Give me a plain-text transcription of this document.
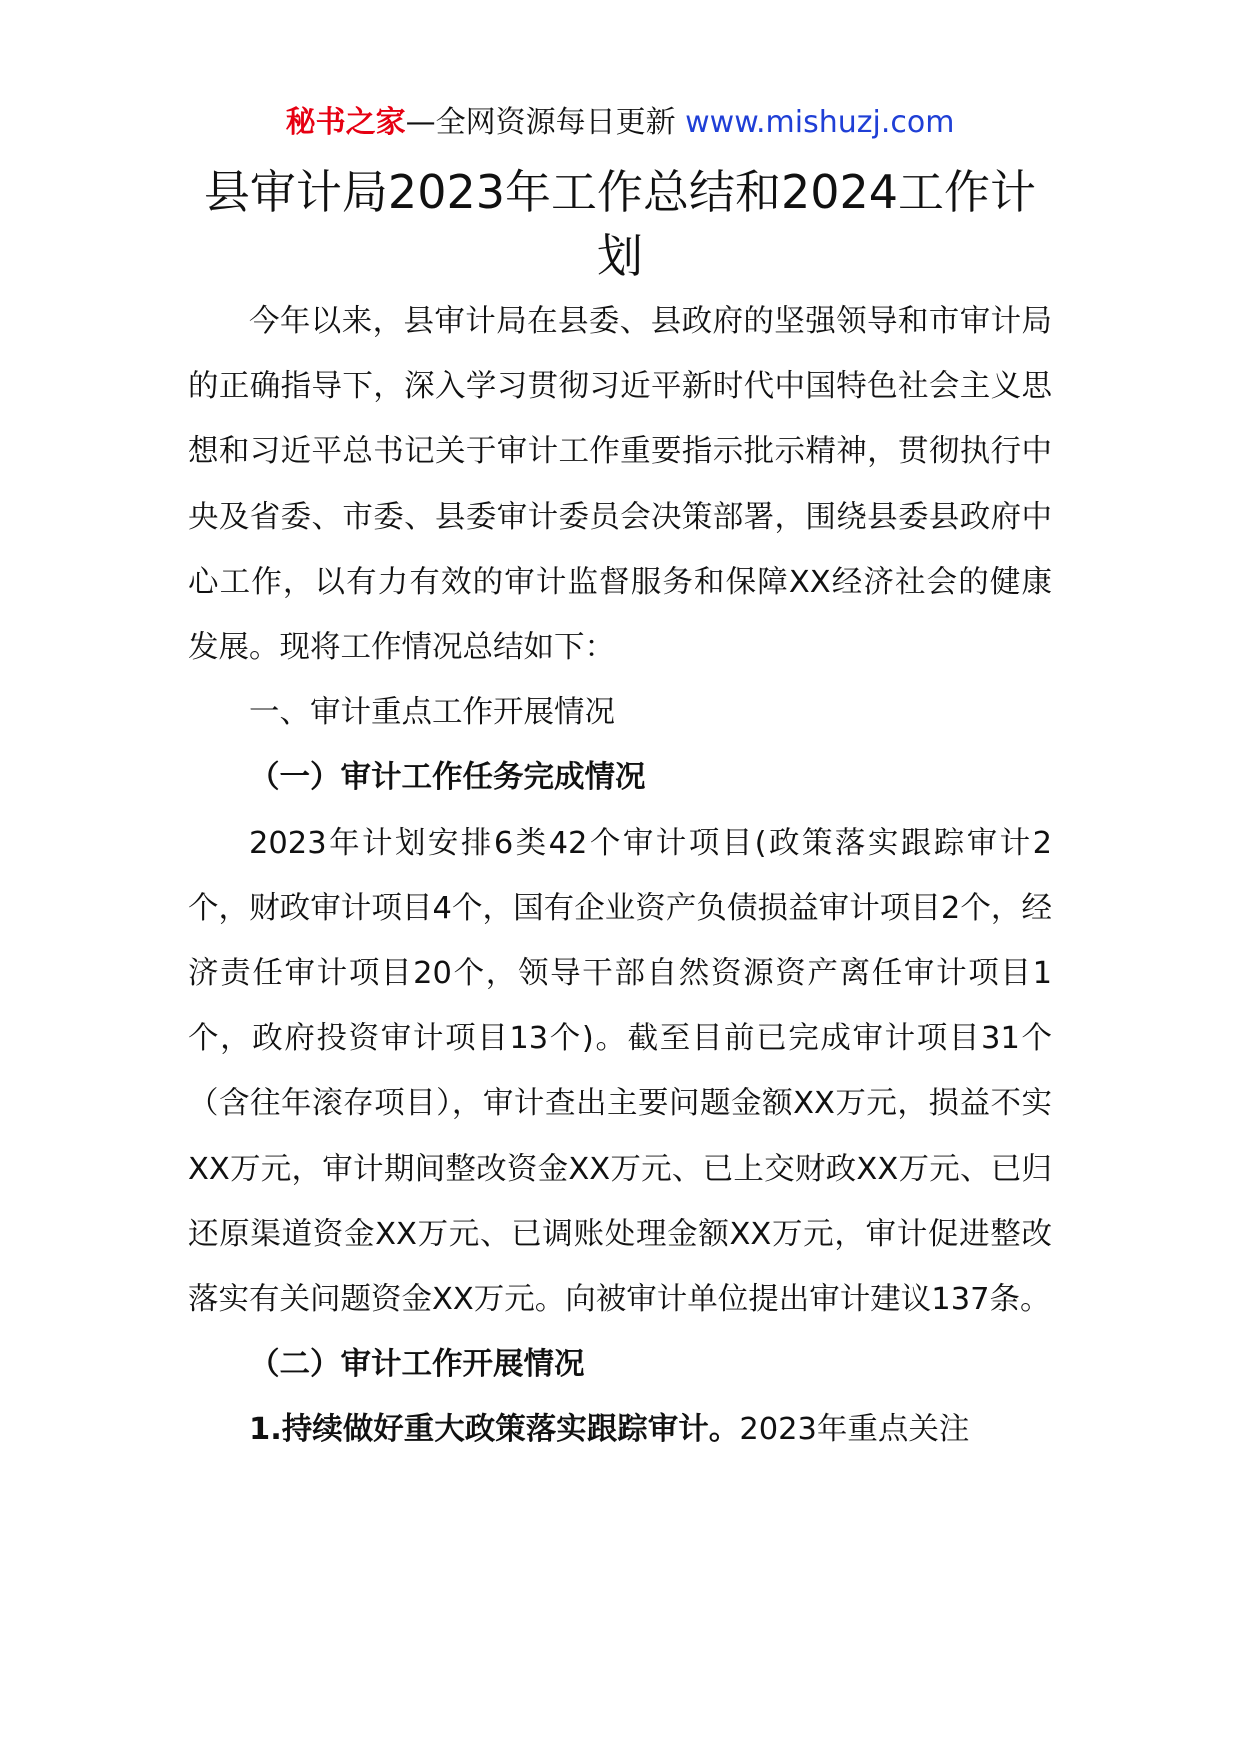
秘书之家—全网资源每日更新 www.mishuzj.com
县审计局2023年工作总结和2024工作计划

今年以来，县审计局在县委、县政府的坚强领导和市审计局的正确指导下，深入学习贯彻习近平新时代中国特色社会主义思想和习近平总书记关于审计工作重要指示批示精神，贯彻执行中央及省委、市委、县委审计委员会决策部署，围绕县委县政府中心工作，以有力有效的审计监督服务和保障XX经济社会的健康发展。现将工作情况总结如下：

一、审计重点工作开展情况

（一）审计工作任务完成情况

2023年计划安排6类42个审计项目(政策落实跟踪审计2个，财政审计项目4个，国有企业资产负债损益审计项目2个，经济责任审计项目20个，领导干部自然资源资产离任审计项目1个，政府投资审计项目13个)。截至目前已完成审计项目31个（含往年滚存项目），审计查出主要问题金额XX万元，损益不实XX万元，审计期间整改资金XX万元、已上交财政XX万元、已归还原渠道资金XX万元、已调账处理金额XX万元，审计促进整改落实有关问题资金XX万元。向被审计单位提出审计建议137条。

（二）审计工作开展情况

1.持续做好重大政策落实跟踪审计。2023年重点关注
